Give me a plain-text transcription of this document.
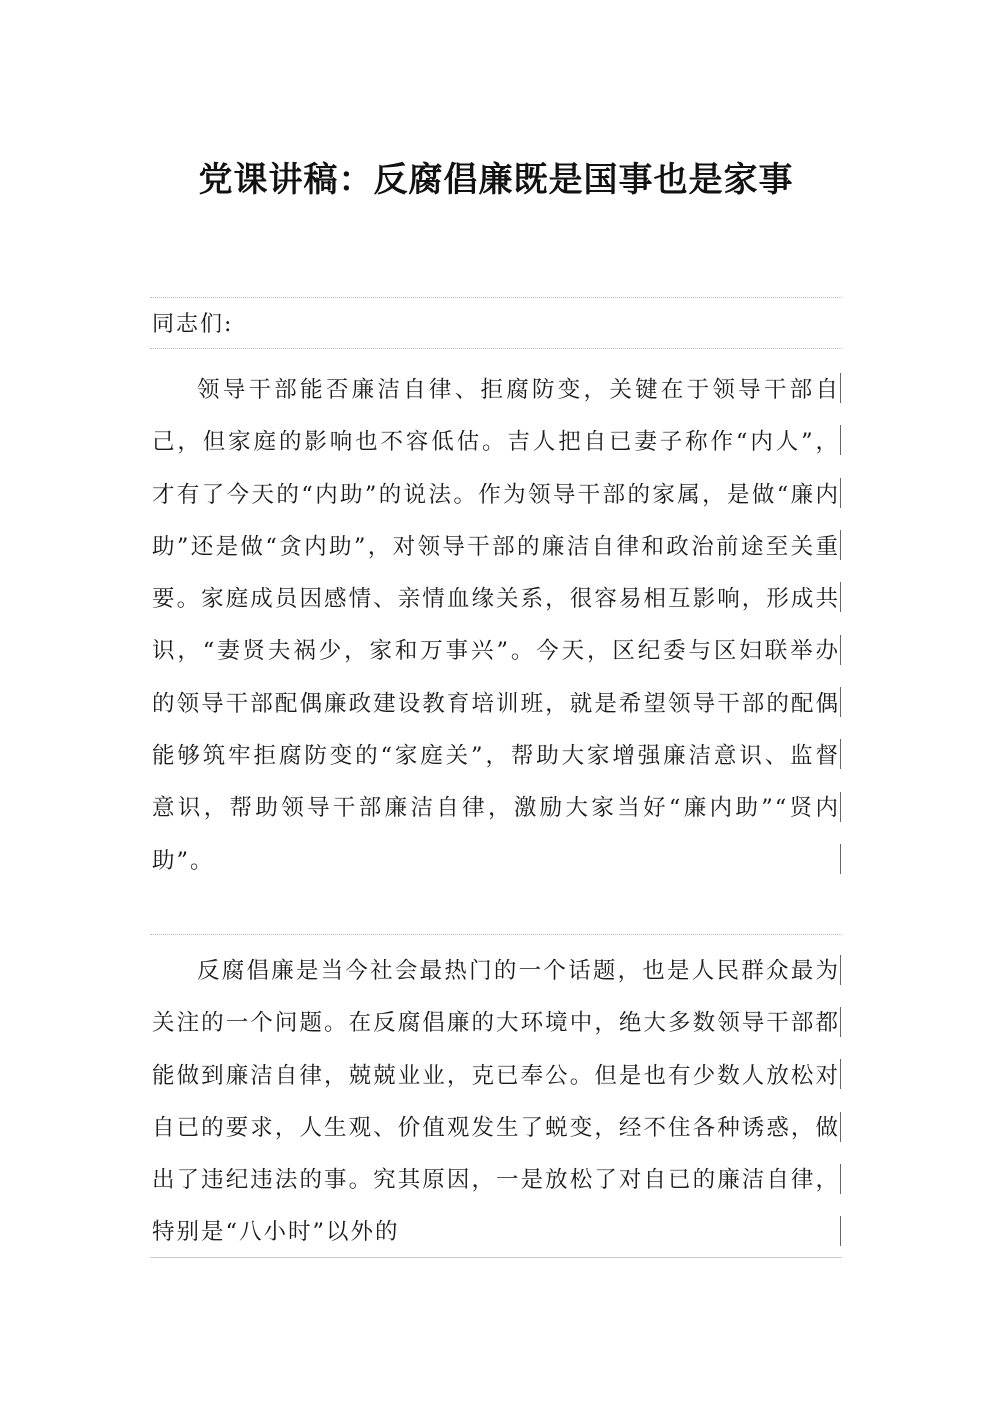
党课讲稿：反腐倡廉既是国事也是家事

同志们:

领导干部能否廉洁自律、拒腐防变，关键在于领导干部自己，但家庭的影响也不容低估。吉人把自已妻子称作“内人”，才有了今天的“内助”的说法。作为领导干部的家属，是做“廉内助”还是做“贪内助”，对领导干部的廉洁自律和政治前途至关重要。家庭成员因感情、亲情血缘关系，很容易相互影响，形成共识，“妻贤夫祸少，家和万事兴”。今天，区纪委与区妇联举办的领导干部配偶廉政建设教育培训班，就是希望领导干部的配偶能够筑牢拒腐防变的“家庭关”，帮助大家增强廉洁意识、监督意识，帮助领导干部廉洁自律，激励大家当好“廉内助”“贤内助”。

反腐倡廉是当今社会最热门的一个话题，也是人民群众最为关注的一个问题。在反腐倡廉的大环境中，绝大多数领导干部都能做到廉洁自律，兢兢业业，克已奉公。但是也有少数人放松对自已的要求，人生观、价值观发生了蜕变，经不住各种诱惑，做出了违纪违法的事。究其原因，一是放松了对自已的廉洁自律，特别是“八小时”以外的
